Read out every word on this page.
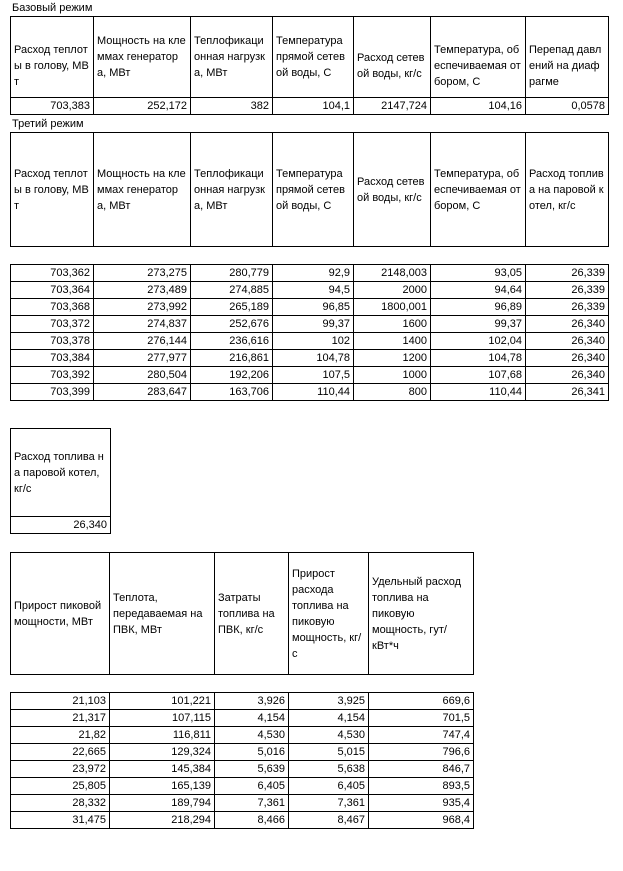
Базовый режим
Расход теплоты в голову, МВт	Мощность на клеммах генератора, МВт	Теплофикационная нагрузка, МВт	Температура прямой сетевой воды, С	Расход сетевой воды, кг/с	Температура, обеспечиваемая отбором, С	Перепад давлений на диафрагме
703,383	252,172	382	104,1	2147,724	104,16	0,0578
Третий режим
Расход теплоты в голову, МВт	Мощность на клеммах генератора, МВт	Теплофикационная нагрузка, МВт	Температура прямой сетевой воды, С	Расход сетевой воды, кг/с	Температура, обеспечиваемая отбором, С	Расход топлива на паровой котел, кг/с

703,362	273,275	280,779	92,9	2148,003	93,05	26,339
703,364	273,489	274,885	94,5	2000	94,64	26,339
703,368	273,992	265,189	96,85	1800,001	96,89	26,339
703,372	274,837	252,676	99,37	1600	99,37	26,340
703,378	276,144	236,616	102	1400	102,04	26,340
703,384	277,977	216,861	104,78	1200	104,78	26,340
703,392	280,504	192,206	107,5	1000	107,68	26,340
703,399	283,647	163,706	110,44	800	110,44	26,341
Расход топлива на паровой котел, кг/с
26,340
Прирост пиковой мощности, МВт	Теплота, передаваемая на ПВК, МВт	Затраты топлива на ПВК, кг/с	Прирост расхода топлива на пиковую мощность, кг/с	Удельный расход топлива на пиковую мощность, гут/кВт*ч

21,103	101,221	3,926	3,925	669,6
21,317	107,115	4,154	4,154	701,5
21,82	116,811	4,530	4,530	747,4
22,665	129,324	5,016	5,015	796,6
23,972	145,384	5,639	5,638	846,7
25,805	165,139	6,405	6,405	893,5
28,332	189,794	7,361	7,361	935,4
31,475	218,294	8,466	8,467	968,4
